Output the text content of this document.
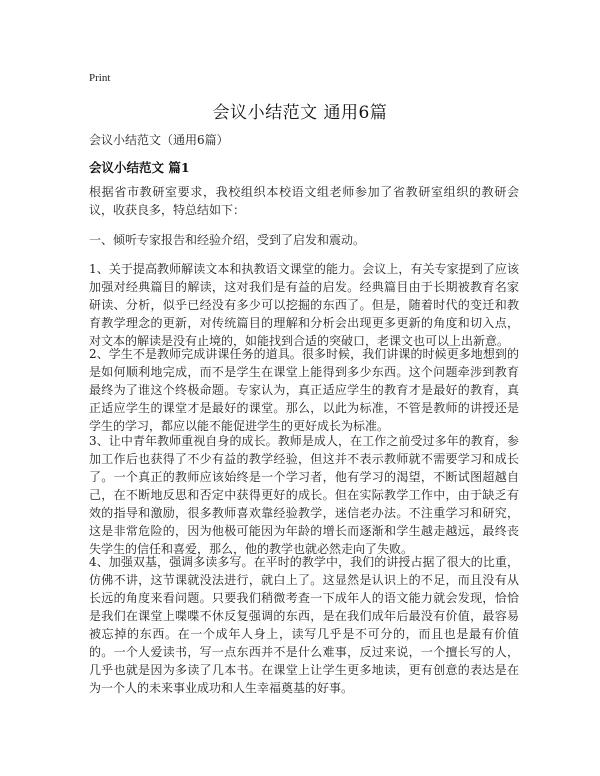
Print
会议小结范文 通用6篇
会议小结范文（通用6篇）
会议小结范文 篇1

根据省市教研室要求，我校组织本校语文组老师参加了省教研室组织的教研会议，收获良多，特总结如下：

一、倾听专家报告和经验介绍，受到了启发和震动。

1、关于提高教师解读文本和执教语文课堂的能力。会议上，有关专家提到了应该加强对经典篇目的解读，这对我们是有益的启发。经典篇目由于长期被教育名家研读、分析，似乎已经没有多少可以挖掘的东西了。但是，随着时代的变迁和教育教学理念的更新，对传统篇目的理解和分析会出现更多更新的角度和切入点，对文本的解读是没有止境的，如能找到合适的突破口，老课文也可以上出新意。

2、学生不是教师完成讲课任务的道具。很多时候，我们讲课的时候更多地想到的是如何顺利地完成，而不是学生在课堂上能得到多少东西。这个问题牵涉到教育最终为了谁这个终极命题。专家认为，真正适应学生的教育才是最好的教育，真正适应学生的课堂才是最好的课堂。那么，以此为标准，不管是教师的讲授还是学生的学习，都应以能不能促进学生的更好成长为标准。

3、让中青年教师重视自身的成长。教师是成人，在工作之前受过多年的教育，参加工作后也获得了不少有益的教学经验，但这并不表示教师就不需要学习和成长了。一个真正的教师应该始终是一个学习者，他有学习的渴望，不断试图超越自己，在不断地反思和否定中获得更好的成长。但在实际教学工作中，由于缺乏有效的指导和激励，很多教师喜欢靠经验教学，迷信老办法。不注重学习和研究，这是非常危险的，因为他极可能因为年龄的增长而逐渐和学生越走越远，最终丧失学生的信任和喜爱，那么，他的教学也就必然走向了失败。

4、加强双基，强调多读多写。在平时的教学中，我们的讲授占据了很大的比重，仿佛不讲，这节课就没法进行，就白上了。这显然是认识上的不足，而且没有从长远的角度来看问题。只要我们稍微考查一下成年人的语文能力就会发现，恰恰是我们在课堂上喋喋不休反复强调的东西，是在我们成年后最没有价值，最容易被忘掉的东西。在一个成年人身上，读写几乎是不可分的，而且也是最有价值的。一个人爱读书，写一点东西并不是什么难事，反过来说，一个擅长写的人，几乎也就是因为多读了几本书。在课堂上让学生更多地读，更有创意的表达是在为一个人的未来事业成功和人生幸福奠基的好事。
